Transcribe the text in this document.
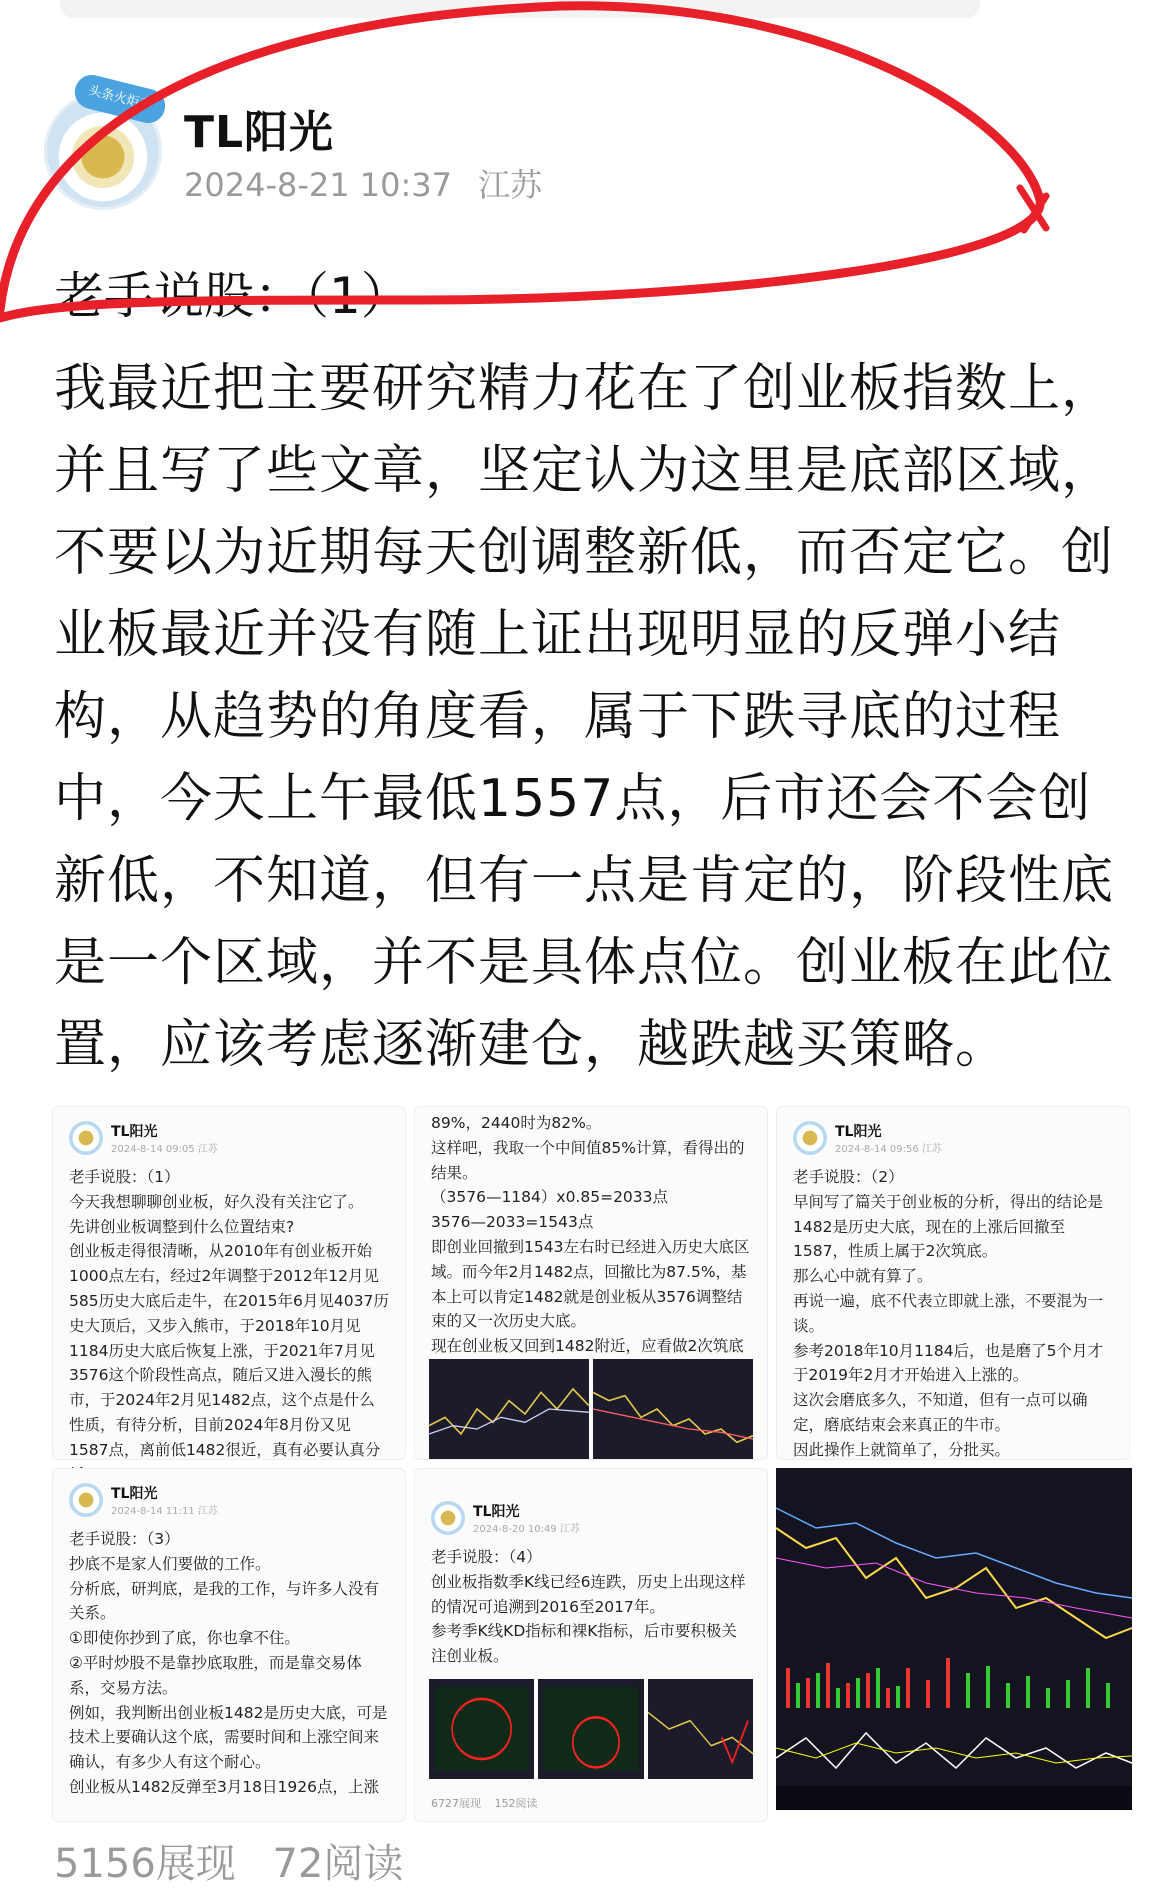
头条火炬手
TL阳光
2024-8-21 10:37 江苏
老手说股：（1）
我最近把主要研究精力花在了创业板指数上，并且写了些文章，坚定认为这里是底部区域，不要以为近期每天创调整新低，而否定它。创业板最近并没有随上证出现明显的反弹小结构，从趋势的角度看，属于下跌寻底的过程中，今天上午最低1557点，后市还会不会创新低，不知道，但有一点是肯定的，阶段性底是一个区域，并不是具体点位。创业板在此位置，应该考虑逐渐建仓，越跌越买策略。
TL阳光
2024-8-14 09:05 江苏

老手说股：（1）

今天我想聊聊创业板，好久没有关注它了。

先讲创业板调整到什么位置结束?

创业板走得很清晰，从2010年有创业板开始1000点左右，经过2年调整于2012年12月见585历史大底后走牛，在2015年6月见4037历史大顶后，又步入熊市，于2018年10月见1184历史大底后恢复上涨，于2021年7月见3576这个阶段性高点，随后又进入漫长的熊市，于2024年2月见1482点，这个点是什么性质，有待分析，目前2024年8月份又见1587点，离前低1482很近，真有必要认真分

89%，2440时为82%。

这样吧，我取一个中间值85%计算，看得出的结果。

（3576—1184）x0.85=2033点

3576—2033=1543点

即创业回撤到1543左右时已经进入历史大底区域。而今年2月1482点，回撤比为87.5%，基本上可以肯定1482就是创业板从3576调整结束的又一次历史大底。

现在创业板又回到1482附近，应看做2次筑底

TL阳光
2024-8-14 09:56 江苏

老手说股：（2）

早间写了篇关于创业板的分析，得出的结论是1482是历史大底，现在的上涨后回撤至1587，性质上属于2次筑底。

那么心中就有算了。

再说一遍，底不代表立即就上涨，不要混为一谈。

参考2018年10月1184后，也是磨了5个月才于2019年2月才开始进入上涨的。

这次会磨底多久，不知道，但有一点可以确定，磨底结束会来真正的牛市。

因此操作上就简单了，分批买。

TL阳光
2024-8-14 11:11 江苏

老手说股：（3）

抄底不是家人们要做的工作。

分析底，研判底，是我的工作，与许多人没有关系。

①即使你抄到了底，你也拿不住。

②平时炒股不是靠抄底取胜，而是靠交易体系，交易方法。

例如，我判断出创业板1482是历史大底，可是技术上要确认这个底，需要时间和上涨空间来确认，有多少人有这个耐心。

创业板从1482反弹至3月18日1926点，上涨

TL阳光
2024-8-20 10:49 江苏

老手说股：（4）

创业板指数季K线已经6连跌，历史上出现这样的情况可追溯到2016至2017年。

参考季K线KD指标和裸K指标，后市要积极关注创业板。

6727展现 152阅读
5156展现 72阅读
